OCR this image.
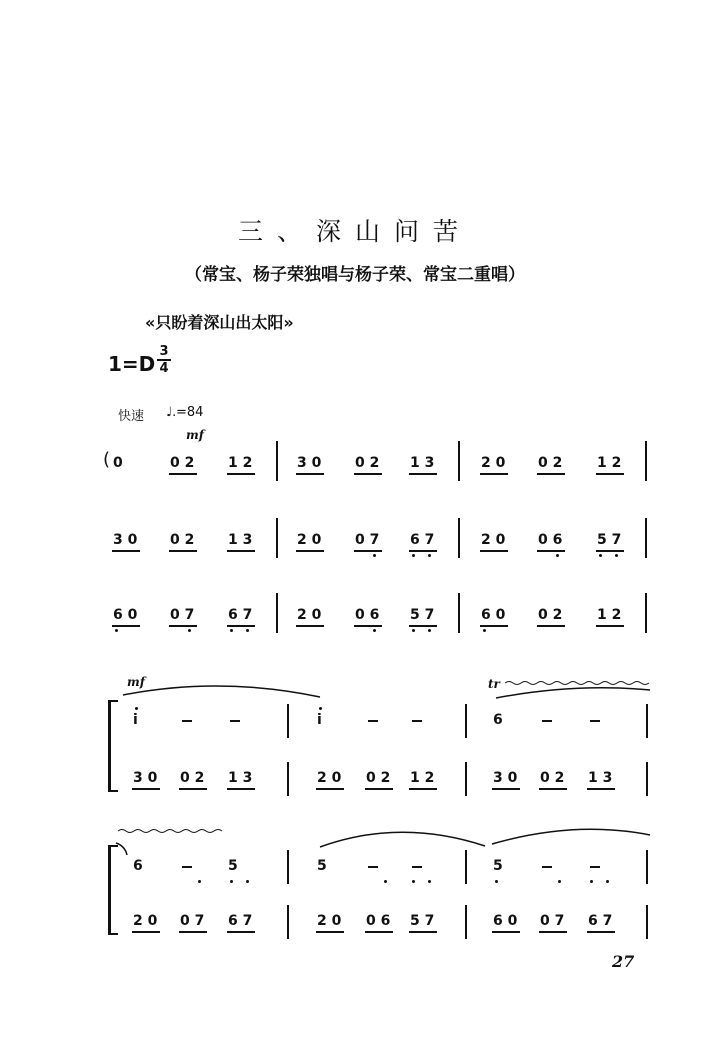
三、深山问苦
（常宝、杨子荣独唱与杨子荣、常宝二重唱）
«只盼着深山出太阳»
1=D
3
4
快速 ♩. =84
mf
mf	tr
( 0	0 2 1 2	3 0 0 2 1 3	2 0 0 2 1 2
3 0 0 2 1 3	2 0 0 7 6 7	2 0 0 6 5 7
6 0 0 7 6 7	2 0 0 6 5 7	6 0 0 2 1 2
i	i	6
3 0 0 2 1 3	2 0 0 2 1 2	3 0 0 2 1 3
6	5	5	5
2 0 0 7 6 7	2 0 0 6 5 7	6 0 0 7 6 7
27
